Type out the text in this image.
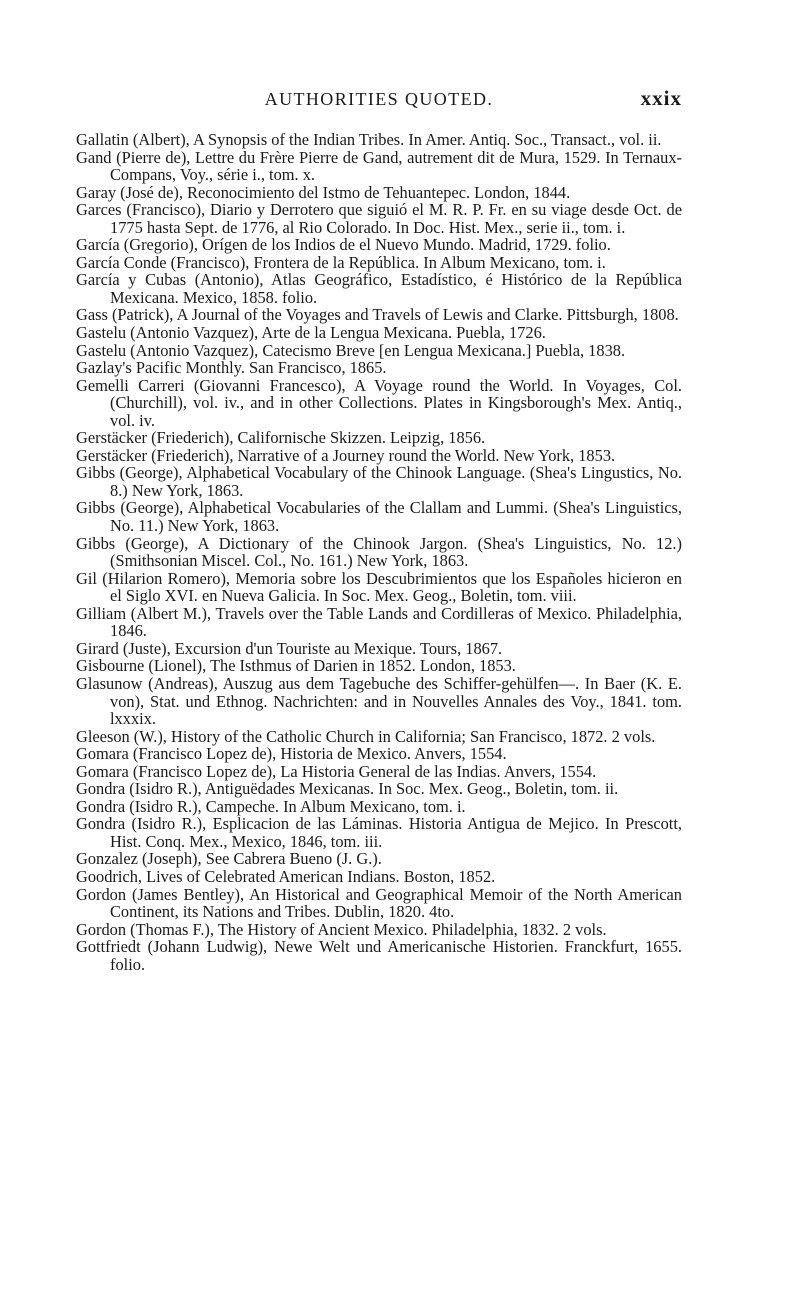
AUTHORITIES QUOTED.	xxix

Gallatin (Albert), A Synopsis of the Indian Tribes. In Amer. Antiq. Soc., Transact., vol. ii.

Gand (Pierre de), Lettre du Frère Pierre de Gand, autrement dit de Mura, 1529. In Ternaux-Compans, Voy., série i., tom. x.

Garay (José de), Reconocimiento del Istmo de Tehuantepec. London, 1844.

Garces (Francisco), Diario y Derrotero que siguió el M. R. P. Fr. en su viage desde Oct. de 1775 hasta Sept. de 1776, al Rio Colorado. In Doc. Hist. Mex., serie ii., tom. i.

García (Gregorio), Orígen de los Indios de el Nuevo Mundo. Madrid, 1729. folio.

García Conde (Francisco), Frontera de la República. In Album Mexicano, tom. i.

García y Cubas (Antonio), Atlas Geográfico, Estadístico, é Histórico de la República Mexicana. Mexico, 1858. folio.

Gass (Patrick), A Journal of the Voyages and Travels of Lewis and Clarke. Pittsburgh, 1808.

Gastelu (Antonio Vazquez), Arte de la Lengua Mexicana. Puebla, 1726.

Gastelu (Antonio Vazquez), Catecismo Breve [en Lengua Mexicana.] Puebla, 1838.

Gazlay's Pacific Monthly. San Francisco, 1865.

Gemelli Carreri (Giovanni Francesco), A Voyage round the World. In Voyages, Col. (Churchill), vol. iv., and in other Collections. Plates in Kingsborough's Mex. Antiq., vol. iv.

Gerstäcker (Friederich), Californische Skizzen. Leipzig, 1856.

Gerstäcker (Friederich), Narrative of a Journey round the World. New York, 1853.

Gibbs (George), Alphabetical Vocabulary of the Chinook Language. (Shea's Lingustics, No. 8.) New York, 1863.

Gibbs (George), Alphabetical Vocabularies of the Clallam and Lummi. (Shea's Linguistics, No. 11.) New York, 1863.

Gibbs (George), A Dictionary of the Chinook Jargon. (Shea's Linguistics, No. 12.) (Smithsonian Miscel. Col., No. 161.) New York, 1863.

Gil (Hilarion Romero), Memoria sobre los Descubrimientos que los Españoles hicieron en el Siglo XVI. en Nueva Galicia. In Soc. Mex. Geog., Boletin, tom. viii.

Gilliam (Albert M.), Travels over the Table Lands and Cordilleras of Mexico. Philadelphia, 1846.

Girard (Juste), Excursion d'un Touriste au Mexique. Tours, 1867.

Gisbourne (Lionel), The Isthmus of Darien in 1852. London, 1853.

Glasunow (Andreas), Auszug aus dem Tagebuche des Schiffer-gehülfen—. In Baer (K. E. von), Stat. und Ethnog. Nachrichten: and in Nouvelles Annales des Voy., 1841. tom. lxxxix.

Gleeson (W.), History of the Catholic Church in California; San Francisco, 1872. 2 vols.

Gomara (Francisco Lopez de), Historia de Mexico. Anvers, 1554.

Gomara (Francisco Lopez de), La Historia General de las Indias. Anvers, 1554.

Gondra (Isidro R.), Antiguëdades Mexicanas. In Soc. Mex. Geog., Boletin, tom. ii.

Gondra (Isidro R.), Campeche. In Album Mexicano, tom. i.

Gondra (Isidro R.), Esplicacion de las Láminas. Historia Antigua de Mejico. In Prescott, Hist. Conq. Mex., Mexico, 1846, tom. iii.

Gonzalez (Joseph), See Cabrera Bueno (J. G.).

Goodrich, Lives of Celebrated American Indians. Boston, 1852.

Gordon (James Bentley), An Historical and Geographical Memoir of the North American Continent, its Nations and Tribes. Dublin, 1820. 4to.

Gordon (Thomas F.), The History of Ancient Mexico. Philadelphia, 1832. 2 vols.

Gottfriedt (Johann Ludwig), Newe Welt und Americanische Historien. Franckfurt, 1655. folio.
